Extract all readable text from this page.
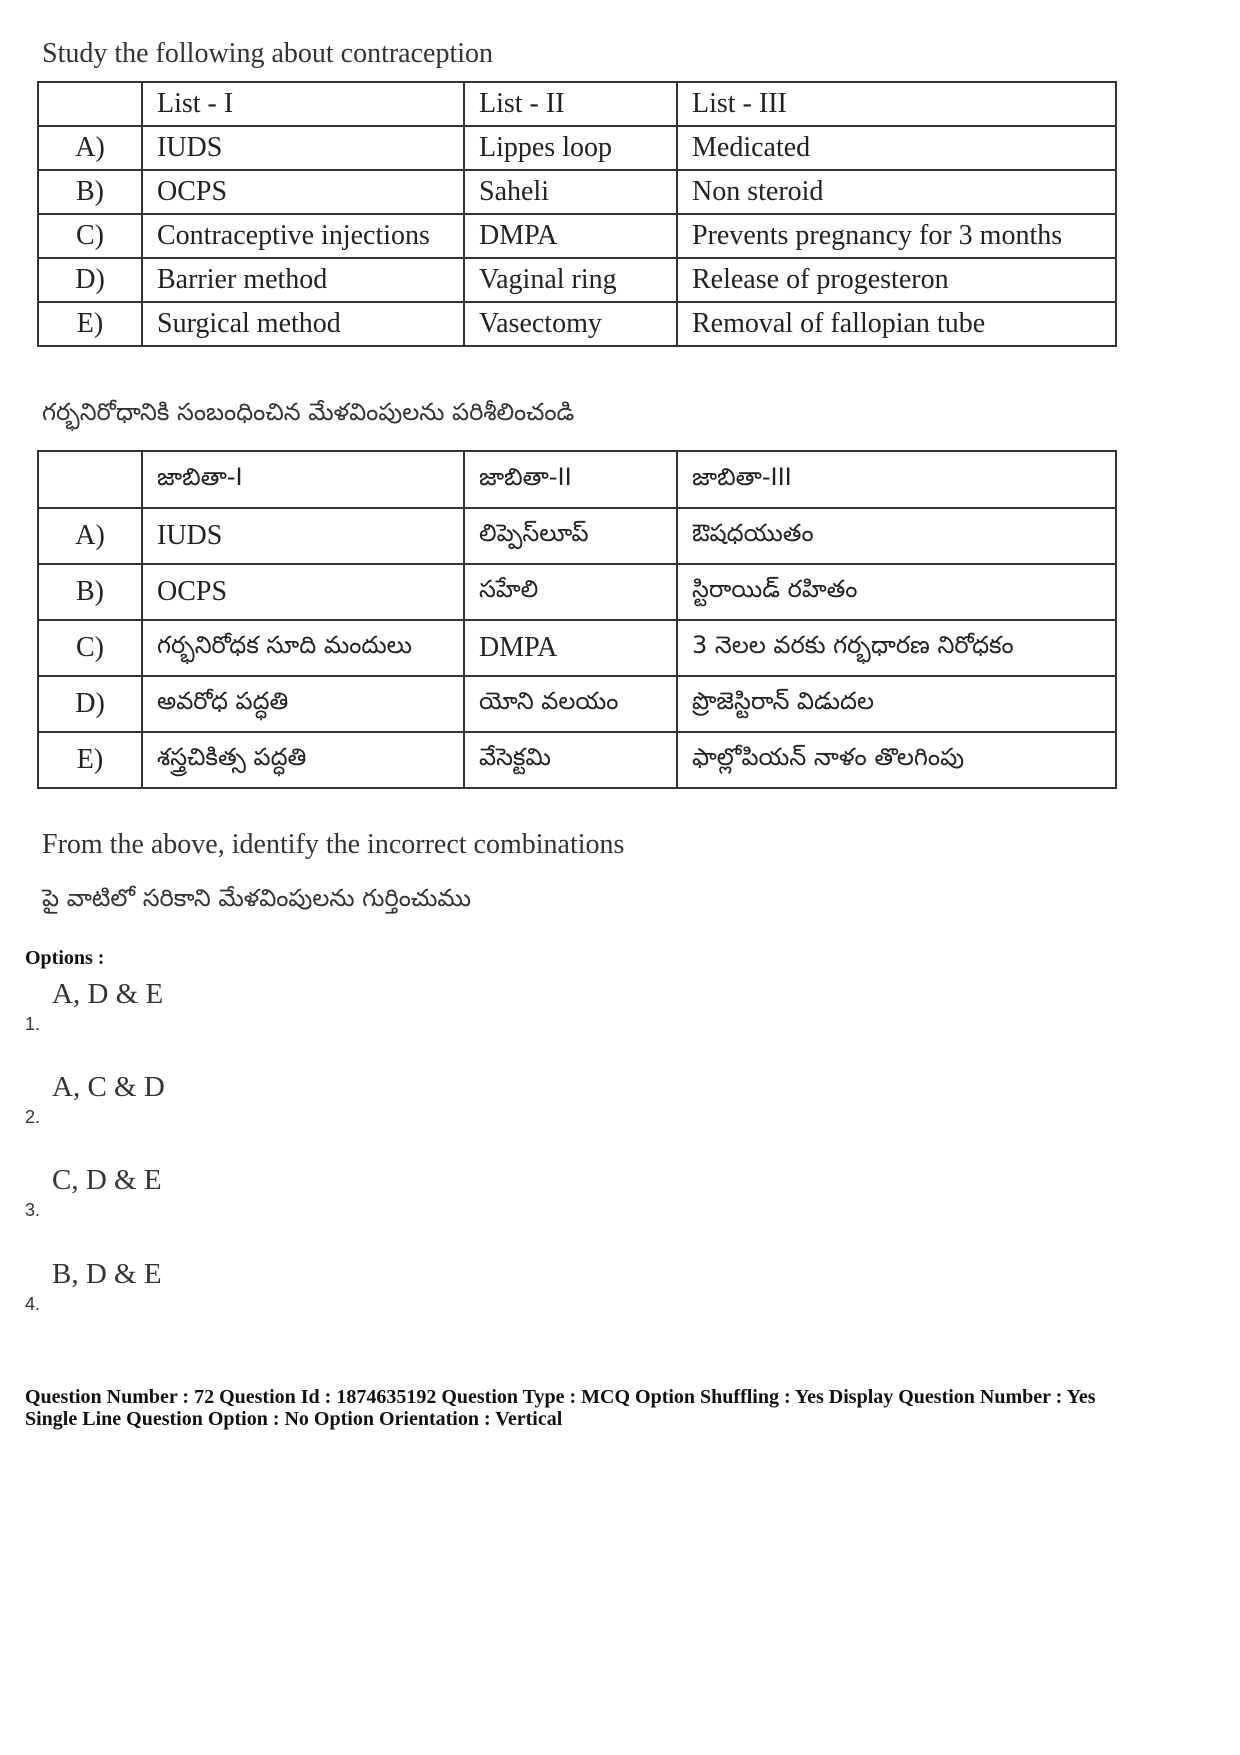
Study the following about contraception

	List - I	List - II	List - III
A)	IUDS	Lippes loop	Medicated
B)	OCPS	Saheli	Non steroid
C)	Contraceptive injections	DMPA	Prevents pregnancy for 3 months
D)	Barrier method	Vaginal ring	Release of progesteron
E)	Surgical method	Vasectomy	Removal of fallopian tube

గర్భనిరోధానికి సంబంధించిన మేళవింపులను పరిశీలించండి

	జాబితా-I	జాబితా-II	జాబితా-III
A)	IUDS	లిప్పెస్‌లూప్	ఔషధయుతం
B)	OCPS	సహేలి	స్టిరాయిడ్ రహితం
C)	గర్భనిరోధక సూది మందులు	DMPA	3 నెలల వరకు గర్భధారణ నిరోధకం
D)	అవరోధ పద్ధతి	యోని వలయం	ప్రొజెస్టిరాన్ విడుదల
E)	శస్త్రచికిత్స పద్ధతి	వేసెక్టమి	ఫాల్లోపియన్ నాళం తొలగింపు

From the above, identify the incorrect combinations

పై వాటిలో సరికాని మేళవింపులను గుర్తించుము

Options :
1.
A, D & E
2.
A, C & D
3.
C, D & E
4.
B, D & E
Question Number : 72 Question Id : 1874635192 Question Type : MCQ Option Shuffling : Yes Display Question Number : Yes
Single Line Question Option : No Option Orientation : Vertical
